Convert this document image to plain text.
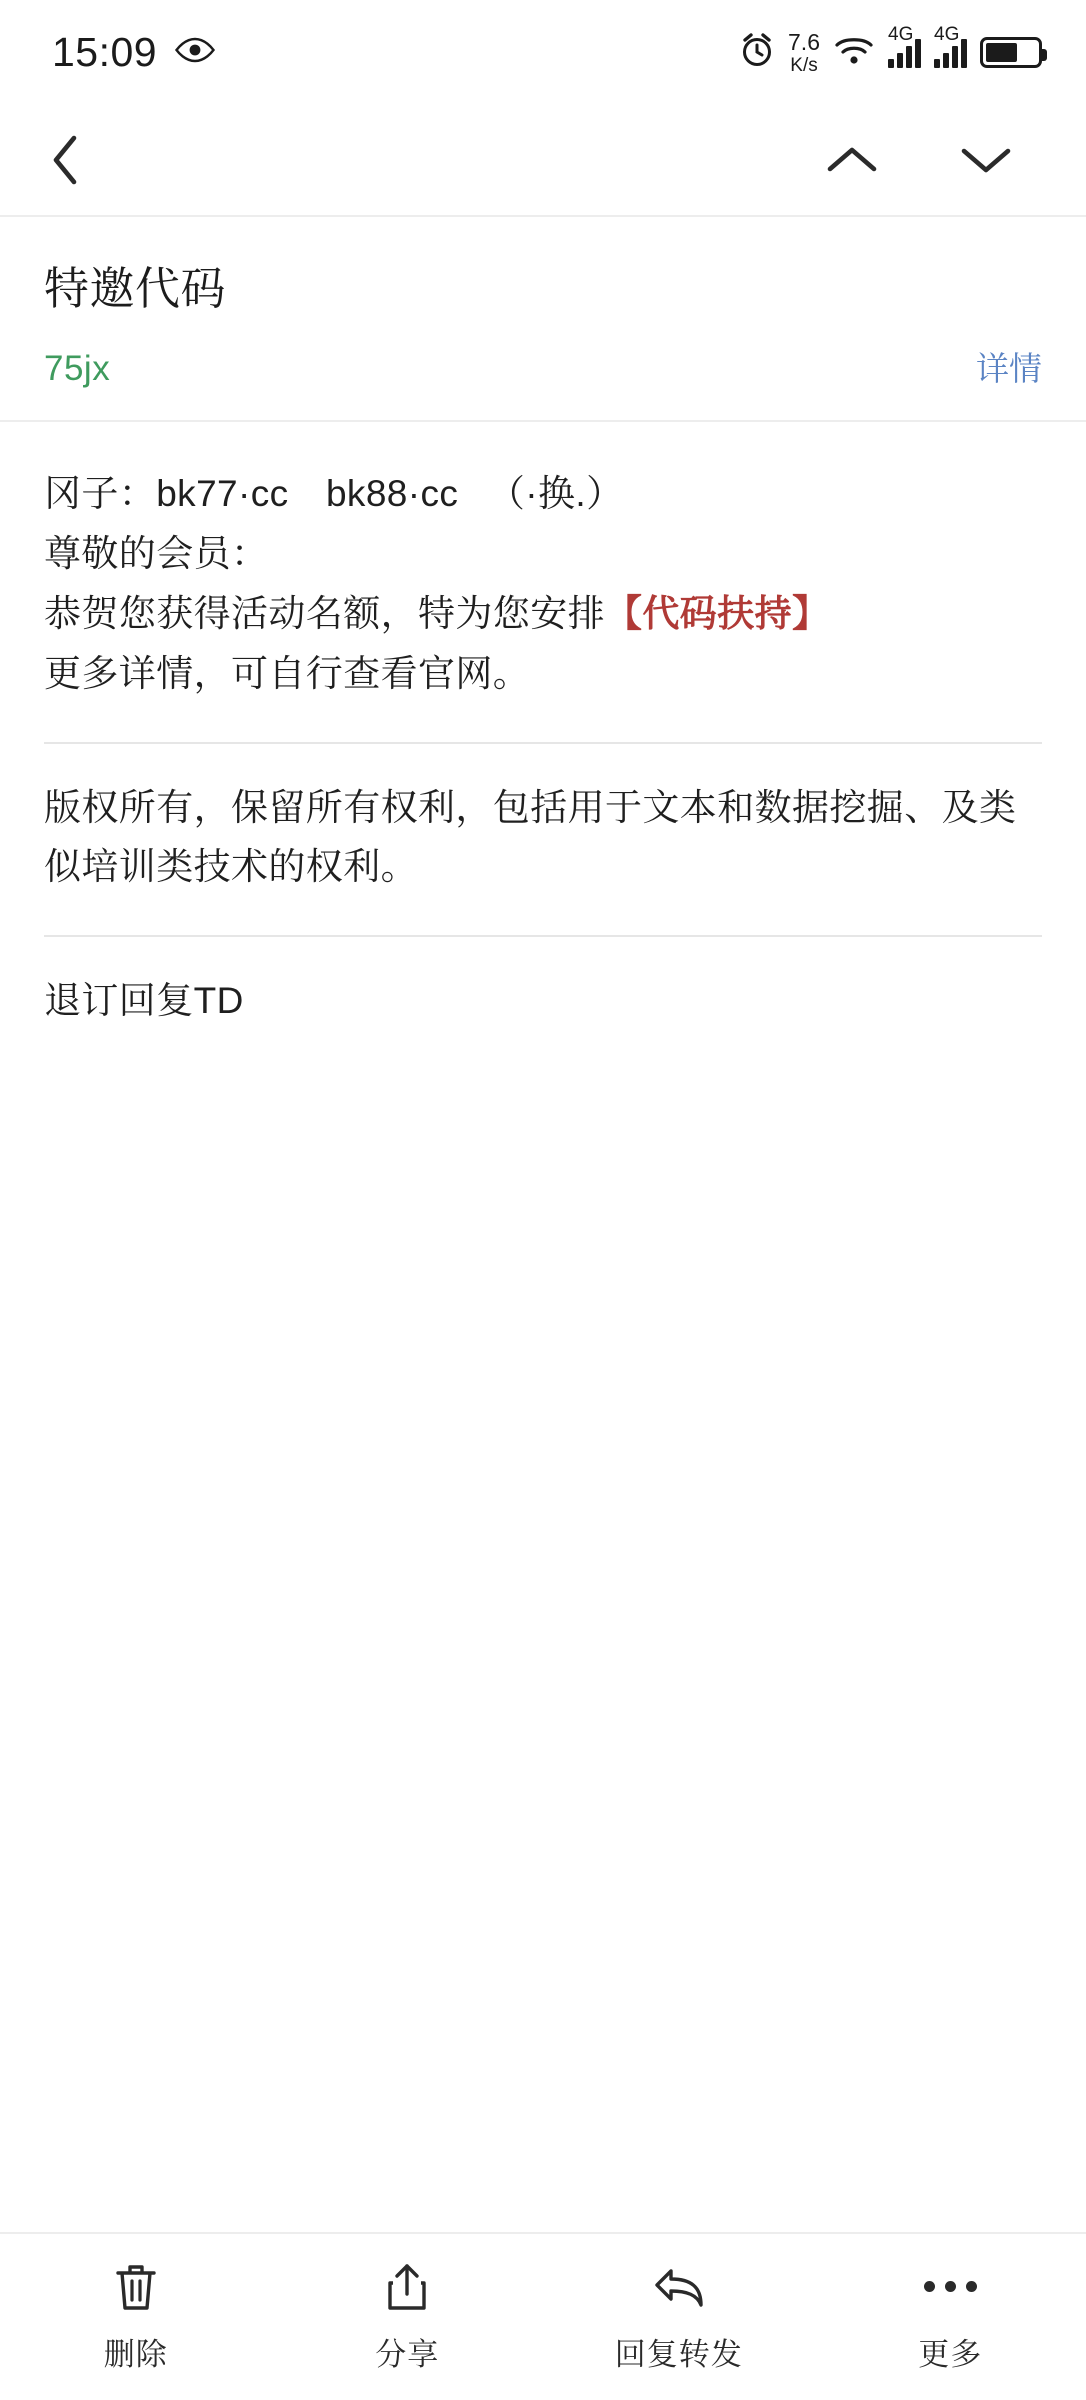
15:09	7.6
K/s
4G 4G
特邀代码
75jx	详情
冈子：bk77·cc　bk88·cc 　（·换.）
尊敬的会员：
恭贺您获得活动名额，特为您安排【代码扶持】
更多详情，可自行查看官网。
版权所有，保留所有权利，包括用于文本和数据挖掘、及类似培训类技术的权利。
退订回复TD
删除	分享	回复转发	更多
